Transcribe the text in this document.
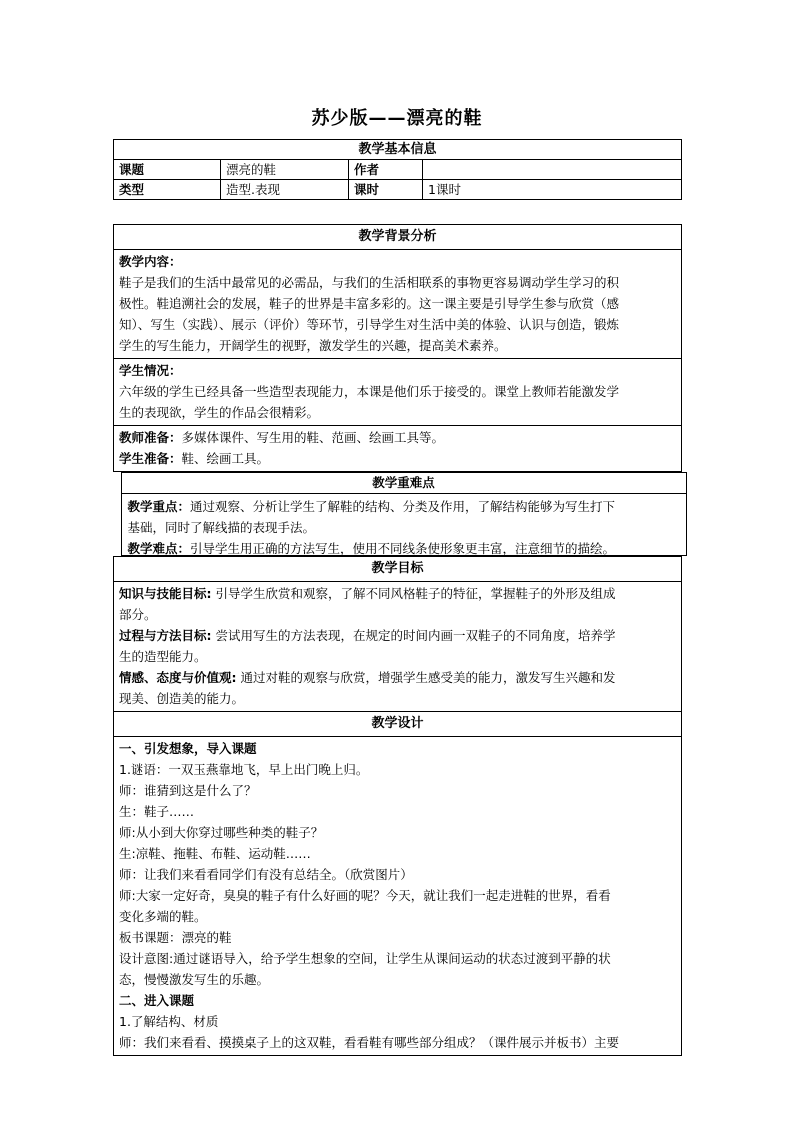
苏少版——漂亮的鞋
教学基本信息			
课题	漂亮的鞋	作者	
类型	造型.表现	课时	1课时
教学背景分析

教学内容：

鞋子是我们的生活中最常见的必需品，与我们的生活相联系的事物更容易调动学生学习的积

极性。鞋追溯社会的发展，鞋子的世界是丰富多彩的。这一课主要是引导学生参与欣赏（感

知）、写生（实践）、展示（评价）等环节，引导学生对生活中美的体验、认识与创造，锻炼

学生的写生能力，开阔学生的视野，激发学生的兴趣，提高美术素养。

学生情况：

六年级的学生已经具备一些造型表现能力，本课是他们乐于接受的。课堂上教师若能激发学

生的表现欲，学生的作品会很精彩。

教师准备：多媒体课件、写生用的鞋、范画、绘画工具等。

学生准备：鞋、绘画工具。

教学重难点

教学重点：通过观察、分析让学生了解鞋的结构、分类及作用，了解结构能够为写生打下

基础，同时了解线描的表现手法。

教学难点：引导学生用正确的方法写生，使用不同线条使形象更丰富，注意细节的描绘。

教学目标

知识与技能目标: 引导学生欣赏和观察，了解不同风格鞋子的特征，掌握鞋子的外形及组成

部分。

过程与方法目标: 尝试用写生的方法表现，在规定的时间内画一双鞋子的不同角度，培养学

生的造型能力。

情感、态度与价值观: 通过对鞋的观察与欣赏，增强学生感受美的能力，激发写生兴趣和发

现美、创造美的能力。

教学设计

一、引发想象，导入课题

1.谜语：一双玉燕靠地飞，早上出门晚上归。

师：谁猜到这是什么了？

生：鞋子……

师:从小到大你穿过哪些种类的鞋子？

生:凉鞋、拖鞋、布鞋、运动鞋……

师：让我们来看看同学们有没有总结全。（欣赏图片）

师:大家一定好奇，臭臭的鞋子有什么好画的呢？今天，就让我们一起走进鞋的世界，看看

变化多端的鞋。

板书课题：漂亮的鞋

设计意图:通过谜语导入，给予学生想象的空间，让学生从课间运动的状态过渡到平静的状

态，慢慢激发写生的乐趣。

二、进入课题

1.了解结构、材质

师：我们来看看、摸摸桌子上的这双鞋，看看鞋有哪些部分组成？（课件展示并板书）主要
